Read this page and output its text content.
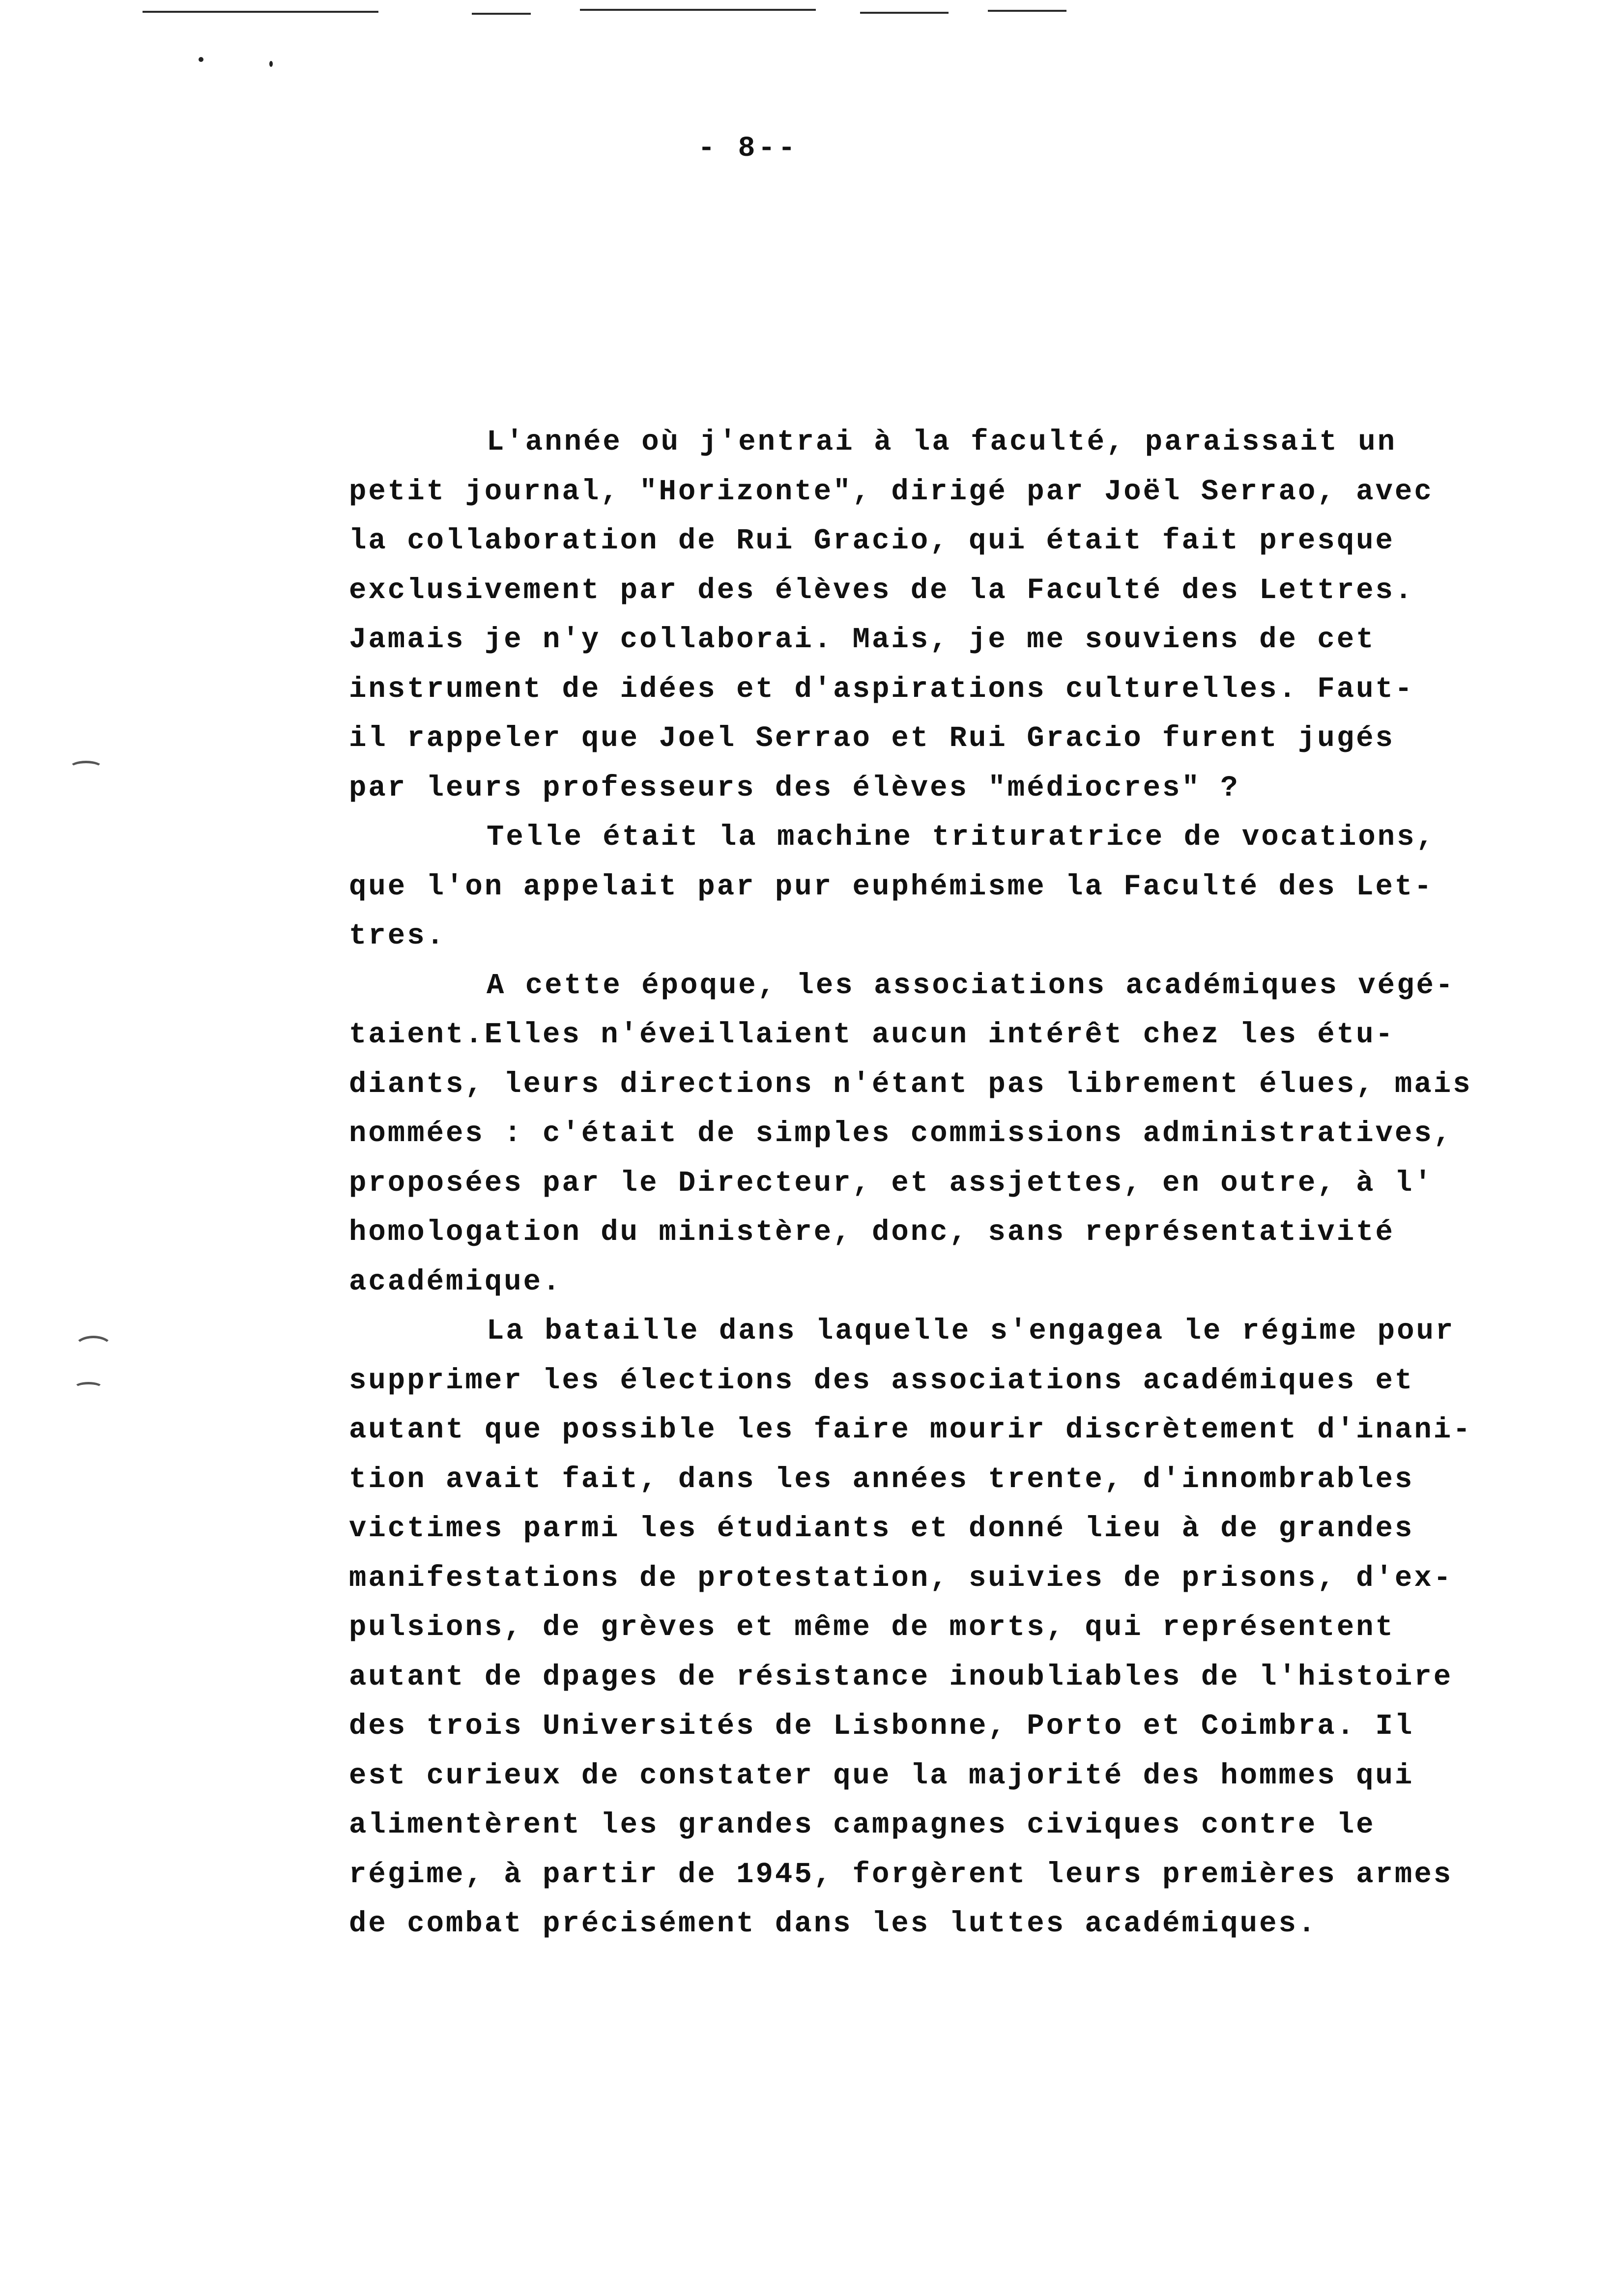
- 8--
L'année où j'entrai à la faculté, paraissait un
petit journal, "Horizonte", dirigé par Joël Serrao, avec
la collaboration de Rui Gracio, qui était fait presque
exclusivement par des élèves de la Faculté des Lettres.
Jamais je n'y collaborai. Mais, je me souviens de cet
instrument de idées et d'aspirations culturelles. Faut-
il rappeler que Joel Serrao et Rui Gracio furent jugés
par leurs professeurs des élèves "médiocres" ?
Telle était la machine trituratrice de vocations,
que l'on appelait par pur euphémisme la Faculté des Let-
tres.
A cette époque, les associations académiques végé-
taient.Elles n'éveillaient aucun intérêt chez les étu-
diants, leurs directions n'étant pas librement élues, mais
nommées : c'était de simples commissions administratives,
proposées par le Directeur, et assjettes, en outre, à l'
homologation du ministère, donc, sans représentativité
académique.
La bataille dans laquelle s'engagea le régime pour
supprimer les élections des associations académiques et
autant que possible les faire mourir discrètement d'inani-
tion avait fait, dans les années trente, d'innombrables
victimes parmi les étudiants et donné lieu à de grandes
manifestations de protestation, suivies de prisons, d'ex-
pulsions, de grèves et même de morts, qui représentent
autant de dpages de résistance inoubliables de l'histoire
des trois Universités de Lisbonne, Porto et Coimbra. Il
est curieux de constater que la majorité des hommes qui
alimentèrent les grandes campagnes civiques contre le
régime, à partir de 1945, forgèrent leurs premières armes
de combat précisément dans les luttes académiques.
